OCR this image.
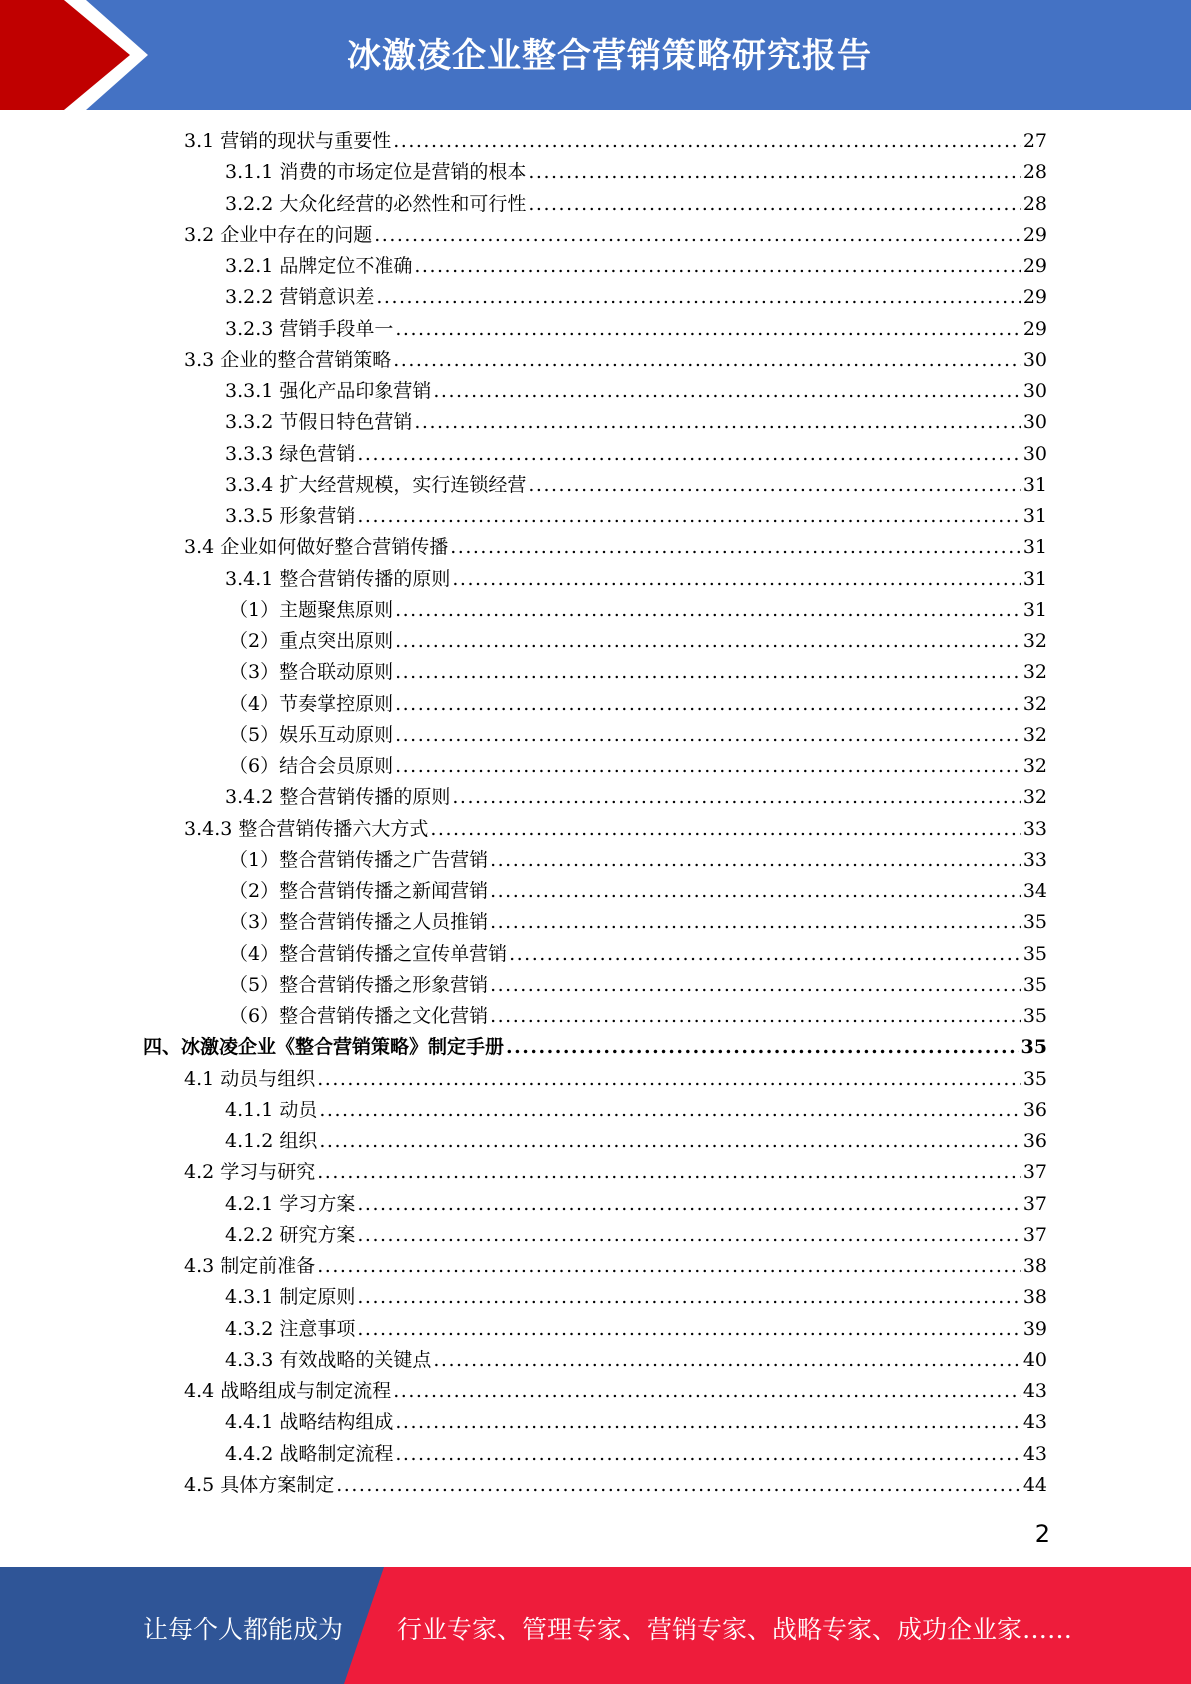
冰激凌企业整合营销策略研究报告
3.1 营销的现状与重要性 .....	27
3.1.1 消费的市场定位是营销的根本 .....	28
3.2.2 大众化经营的必然性和可行性 .....	28
3.2 企业中存在的问题 .....	29
3.2.1 品牌定位不准确 .....	29
3.2.2 营销意识差 .....	29
3.2.3 营销手段单一 .....	29
3.3 企业的整合营销策略 .....	30
3.3.1 强化产品印象营销 .....	30
3.3.2 节假日特色营销 .....	30
3.3.3 绿色营销 .....	30
3.3.4 扩大经营规模，实行连锁经营 .....	31
3.3.5 形象营销 .....	31
3.4 企业如何做好整合营销传播 .....	31
3.4.1 整合营销传播的原则 .....	31
（1）主题聚焦原则 .....	31
（2）重点突出原则 .....	32
（3）整合联动原则 .....	32
（4）节奏掌控原则 .....	32
（5）娱乐互动原则 .....	32
（6）结合会员原则 .....	32
3.4.2 整合营销传播的原则 .....	32
3.4.3 整合营销传播六大方式 .....	33
（1）整合营销传播之广告营销 .....	33
（2）整合营销传播之新闻营销 .....	34
（3）整合营销传播之人员推销 .....	35
（4）整合营销传播之宣传单营销 .....	35
（5）整合营销传播之形象营销 .....	35
（6）整合营销传播之文化营销 .....	35
四、冰激凌企业《整合营销策略》制定手册 .....	35
4.1 动员与组织 .....	35
4.1.1 动员 .....	36
4.1.2 组织 .....	36
4.2 学习与研究 .....	37
4.2.1 学习方案 .....	37
4.2.2 研究方案 .....	37
4.3 制定前准备 .....	38
4.3.1 制定原则 .....	38
4.3.2 注意事项 .....	39
4.3.3 有效战略的关键点 .....	40
4.4 战略组成与制定流程 .....	43
4.4.1 战略结构组成 .....	43
4.4.2 战略制定流程 .....	43
4.5 具体方案制定 .....	44
2
让每个人都能成为 行业专家、管理专家、营销专家、战略专家、成功企业家……
